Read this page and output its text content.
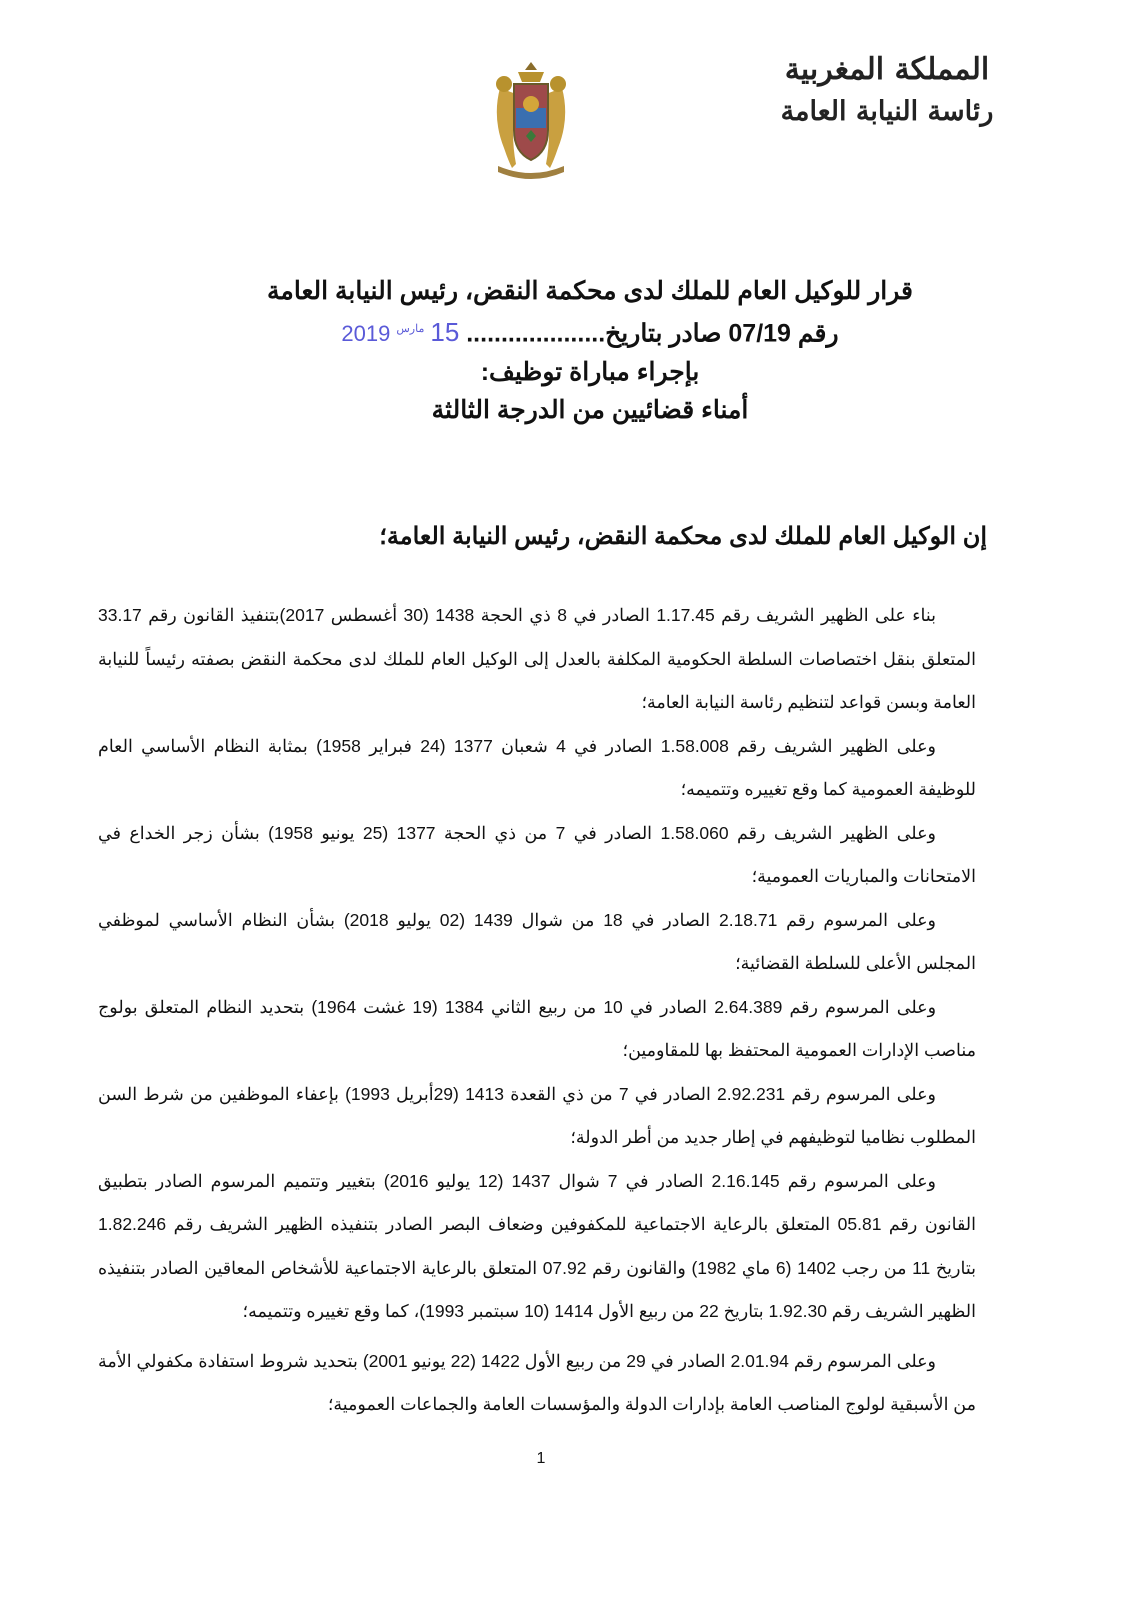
المملكة المغربية
رئاسة النيابة العامة
قرار للوكيل العام للملك لدى محكمة النقض، رئيس النيابة العامة
رقم 07/19 صادر بتاريخ.................... $15^{مارس}2019$
بإجراء مباراة توظيف:
أمناء قضائيين من الدرجة الثالثة
إن الوكيل العام للملك لدى محكمة النقض، رئيس النيابة العامة؛

بناء على الظهير الشريف رقم 1.17.45 الصادر في 8 ذي الحجة 1438 (30 أغسطس 2017)بتنفيذ القانون رقم 33.17 المتعلق بنقل اختصاصات السلطة الحكومية المكلفة بالعدل إلى الوكيل العام للملك لدى محكمة النقض بصفته رئيساً للنيابة العامة وبسن قواعد لتنظيم رئاسة النيابة العامة؛

وعلى الظهير الشريف رقم 1.58.008 الصادر في 4 شعبان 1377 (24 فبراير 1958) بمثابة النظام الأساسي العام للوظيفة العمومية كما وقع تغييره وتتميمه؛

وعلى الظهير الشريف رقم 1.58.060 الصادر في 7 من ذي الحجة 1377 (25 يونيو 1958) بشأن زجر الخداع في الامتحانات والمباريات العمومية؛

وعلى المرسوم رقم 2.18.71 الصادر في 18 من شوال 1439 (02 يوليو 2018) بشأن النظام الأساسي لموظفي المجلس الأعلى للسلطة القضائية؛

وعلى المرسوم رقم 2.64.389 الصادر في 10 من ربيع الثاني 1384 (19 غشت 1964) بتحديد النظام المتعلق بولوج مناصب الإدارات العمومية المحتفظ بها للمقاومين؛

وعلى المرسوم رقم 2.92.231 الصادر في 7 من ذي القعدة 1413 (29أبريل 1993) بإعفاء الموظفين من شرط السن المطلوب نظاميا لتوظيفهم في إطار جديد من أطر الدولة؛

وعلى المرسوم رقم 2.16.145 الصادر في 7 شوال 1437 (12 يوليو 2016) بتغيير وتتميم المرسوم الصادر بتطبيق القانون رقم 05.81 المتعلق بالرعاية الاجتماعية للمكفوفين وضعاف البصر الصادر بتنفيذه الظهير الشريف رقم 1.82.246 بتاريخ 11 من رجب 1402 (6 ماي 1982) والقانون رقم 07.92 المتعلق بالرعاية الاجتماعية للأشخاص المعاقين الصادر بتنفيذه الظهير الشريف رقم 1.92.30 بتاريخ 22 من ربيع الأول 1414 (10 سبتمبر 1993)، كما وقع تغييره وتتميمه؛

وعلى المرسوم رقم 2.01.94 الصادر في 29 من ربيع الأول 1422 (22 يونيو 2001) بتحديد شروط استفادة مكفولي الأمة من الأسبقية لولوج المناصب العامة بإدارات الدولة والمؤسسات العامة والجماعات العمومية؛

1
